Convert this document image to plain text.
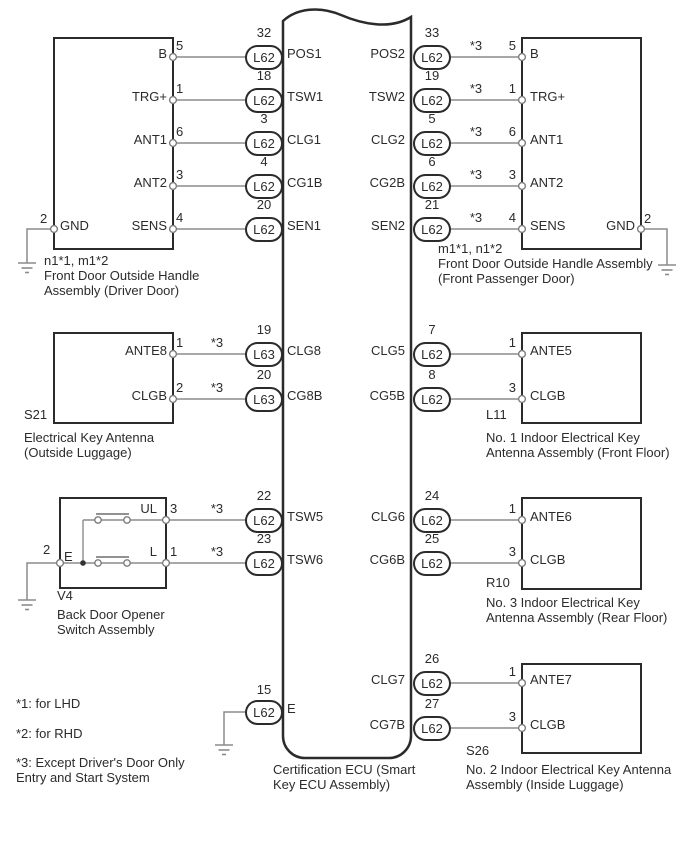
L62
L62
L62
L62
L62
L63
L63
L62
L62
L62
L62
L62
L62
L62
L62
L62
L62
L62
L62
L62
L62
32
18
3
4
20
19
20
22
23
15
33
19
5
6
21
7
8
24
25
26
27
POS1
TSW1
CLG1
CG1B
SEN1
CLG8
CG8B
TSW5
TSW6
E
POS2
TSW2
CLG2
CG2B
SEN2
CLG5
CG5B
CLG6
CG6B
CLG7
CG7B
B
TRG+
ANT1
ANT2
SENS
GND
B
TRG+
ANT1
ANT2
SENS	GND
ANTE8
CLGB
ANTE5
CLGB
UL
L
E
ANTE6
CLGB
ANTE7
CLGB
5
1
6
3
4
2
5
1
6
3
4	2
1
2
1
3
3
1
2
1
3
1
3
*3
*3
*3
*3
*3
*3
*3
*3
*3
n1*1, m1*2
Front Door Outside Handle
Assembly (Driver Door)
m1*1, n1*2
Front Door Outside Handle Assembly
(Front Passenger Door)
S21
Electrical Key Antenna
(Outside Luggage)
L11
No. 1 Indoor Electrical Key
Antenna Assembly (Front Floor)
V4
Back Door Opener
Switch Assembly
R10
No. 3 Indoor Electrical Key
Antenna Assembly (Rear Floor)
S26
No. 2 Indoor Electrical Key Antenna
Assembly (Inside Luggage)
Certification ECU (Smart
Key ECU Assembly)
*1: for LHD
*2: for RHD
*3: Except Driver's Door Only
Entry and Start System
